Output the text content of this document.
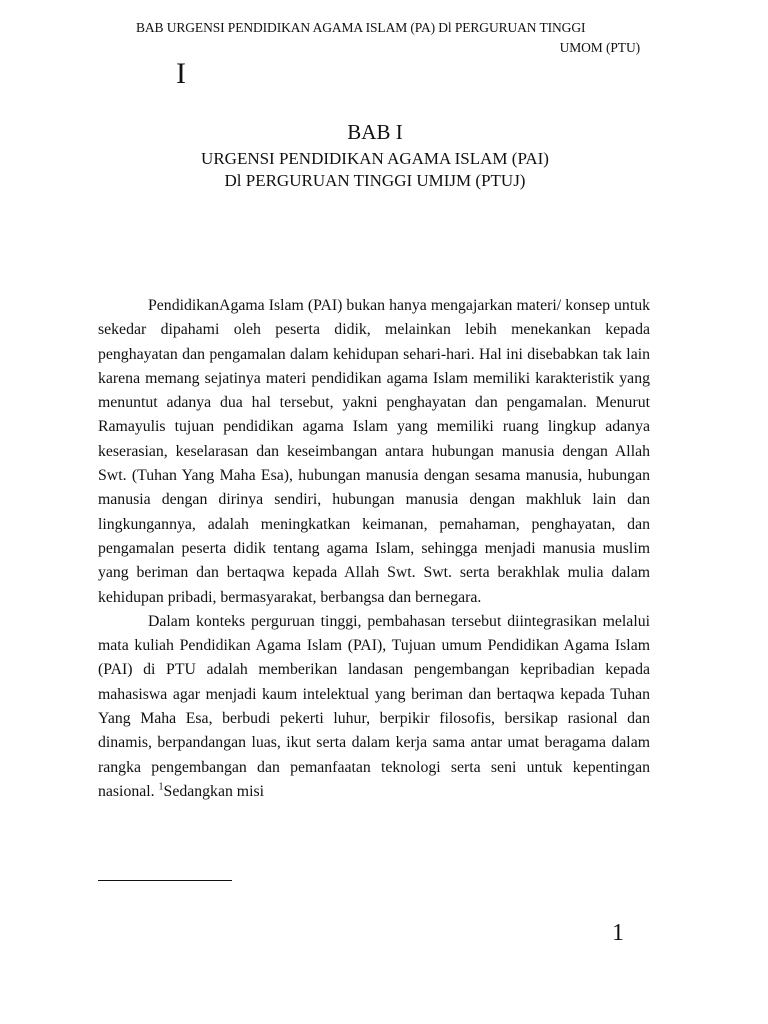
BAB URGENSI PENDIDIKAN AGAMA ISLAM (PA) Dl PERGURUAN TINGGI
UMOM (PTU)
I
BAB I
URGENSI PENDIDIKAN AGAMA ISLAM (PAI)
Dl PERGURUAN TINGGI UMIJM (PTUJ)

PendidikanAgama Islam (PAI) bukan hanya mengajarkan materi/ konsep untuk sekedar dipahami oleh peserta didik, melainkan lebih menekankan kepada penghayatan dan pengamalan dalam kehidupan sehari-hari. Hal ini disebabkan tak lain karena memang sejatinya materi pendidikan agama Islam memiliki karakteristik yang menuntut adanya dua hal tersebut, yakni penghayatan dan pengamalan. Menurut Ramayulis tujuan pendidikan agama Islam yang memiliki ruang lingkup adanya keserasian, keselarasan dan keseimbangan antara hubungan manusia dengan Allah Swt. (Tuhan Yang Maha Esa), hubungan manusia dengan sesama manusia, hubungan manusia dengan dirinya sendiri, hubungan manusia dengan makhluk lain dan lingkungannya, adalah meningkatkan keimanan, pemahaman, penghayatan, dan pengamalan peserta didik tentang agama Islam, sehingga menjadi manusia muslim yang beriman dan bertaqwa kepada Allah Swt. Swt. serta berakhlak mulia dalam kehidupan pribadi, bermasyarakat, berbangsa dan bernegara.

Dalam konteks perguruan tinggi, pembahasan tersebut diintegrasikan melalui mata kuliah Pendidikan Agama Islam (PAI), Tujuan umum Pendidikan Agama Islam (PAI) di PTU adalah memberikan landasan pengembangan kepribadian kepada mahasiswa agar menjadi kaum intelektual yang beriman dan bertaqwa kepada Tuhan Yang Maha Esa, berbudi pekerti luhur, berpikir filosofis, bersikap rasional dan dinamis, berpandangan luas, ikut serta dalam kerja sama antar umat beragama dalam rangka pengembangan dan pemanfaatan teknologi serta seni untuk kepentingan nasional. $^1$Sedangkan misi

1
